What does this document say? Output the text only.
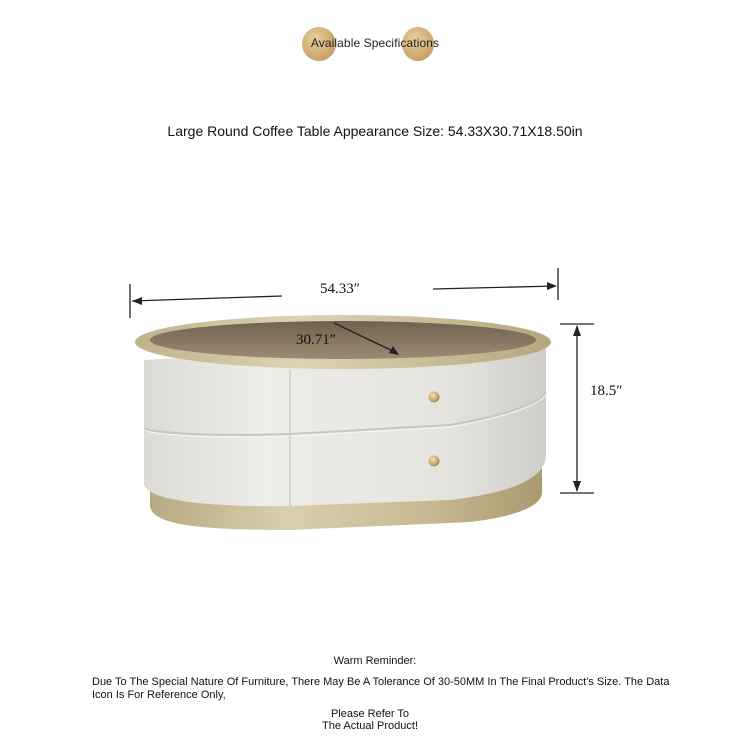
Available Specifications
Large Round Coffee Table Appearance Size: 54.33X30.71X18.50in
54.33″
30.71″
18.5″
Warm Reminder:
Due To The Special Nature Of Furniture, There May Be A Tolerance Of 30-50MM In The Final Product's Size. The Data Icon Is For Reference Only,
Please Refer To
The Actual Product!
